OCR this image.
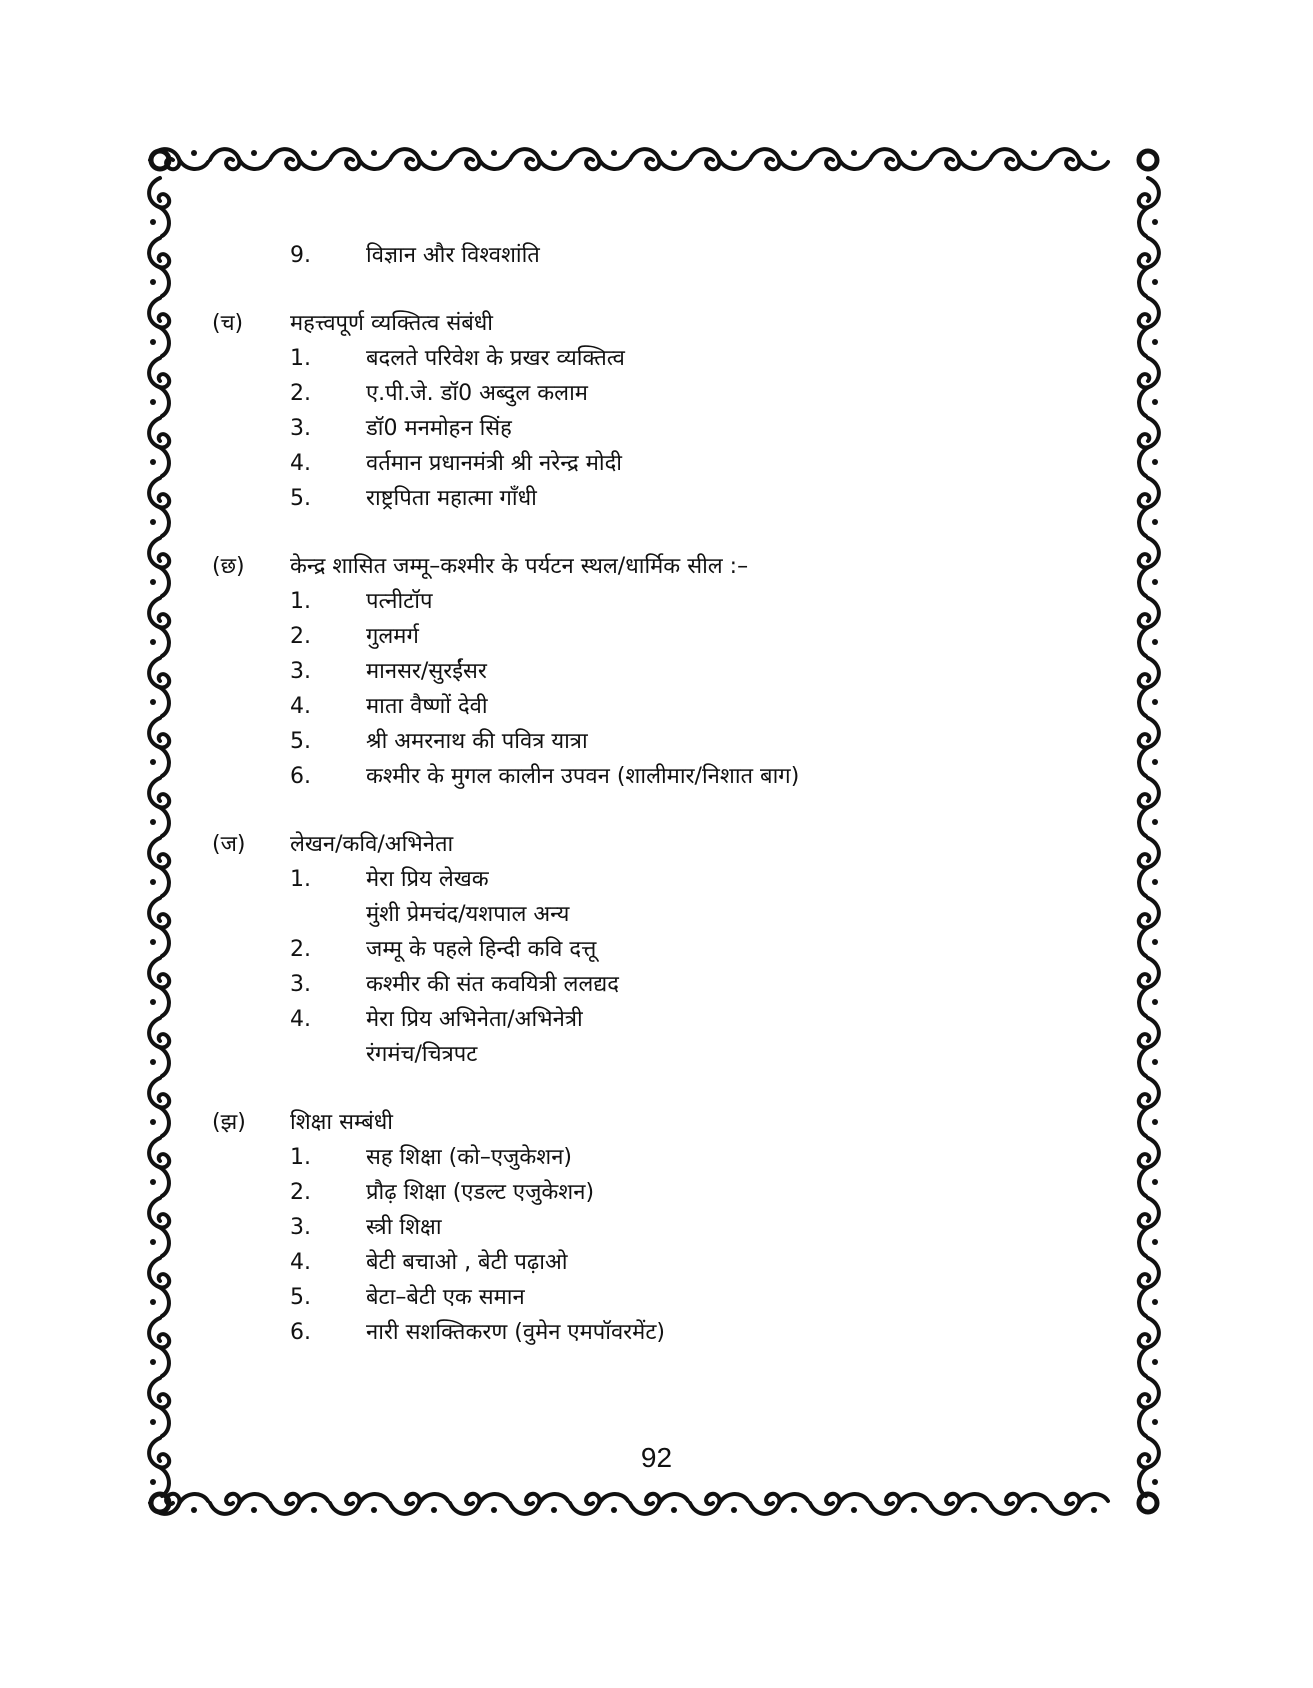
9.	विज्ञान और विश्वशांति
(च) महत्त्वपूर्ण व्यक्तित्व संबंधी
1.	बदलते परिवेश के प्रखर व्यक्तित्व
2.	ए.पी.जे. डॉ0 अब्दुल कलाम
3.	डॉ0 मनमोहन सिंह
4.	वर्तमान प्रधानमंत्री श्री नरेन्द्र मोदी
5.	राष्ट्रपिता महात्मा गाँधी
(छ) केन्द्र शासित जम्मू–कश्मीर के पर्यटन स्थल/धार्मिक सील :–
1.	पत्नीटॉप
2.	गुलमर्ग
3.	मानसर/सुरईंसर
4.	माता वैष्णों देवी
5.	श्री अमरनाथ की पवित्र यात्रा
6.	कश्मीर के मुगल कालीन उपवन (शालीमार/निशात बाग)
(ज) लेखन/कवि/अभिनेता
1.	मेरा प्रिय लेखक
मुंशी प्रेमचंद/यशपाल अन्य
2.	जम्मू के पहले हिन्दी कवि दत्तू
3.	कश्मीर की संत कवयित्री ललद्यद
4.	मेरा प्रिय अभिनेता/अभिनेत्री
रंगमंच/चित्रपट
(झ) शिक्षा सम्बंधी
1.	सह शिक्षा (को–एजुकेशन)
2.	प्रौढ़ शिक्षा (एडल्ट एजुकेशन)
3.	स्त्री शिक्षा
4.	बेटी बचाओ , बेटी पढ़ाओ
5.	बेटा–बेटी एक समान
6.	नारी सशक्तिकरण (वुमेन एमपॉवरमेंट)
92
